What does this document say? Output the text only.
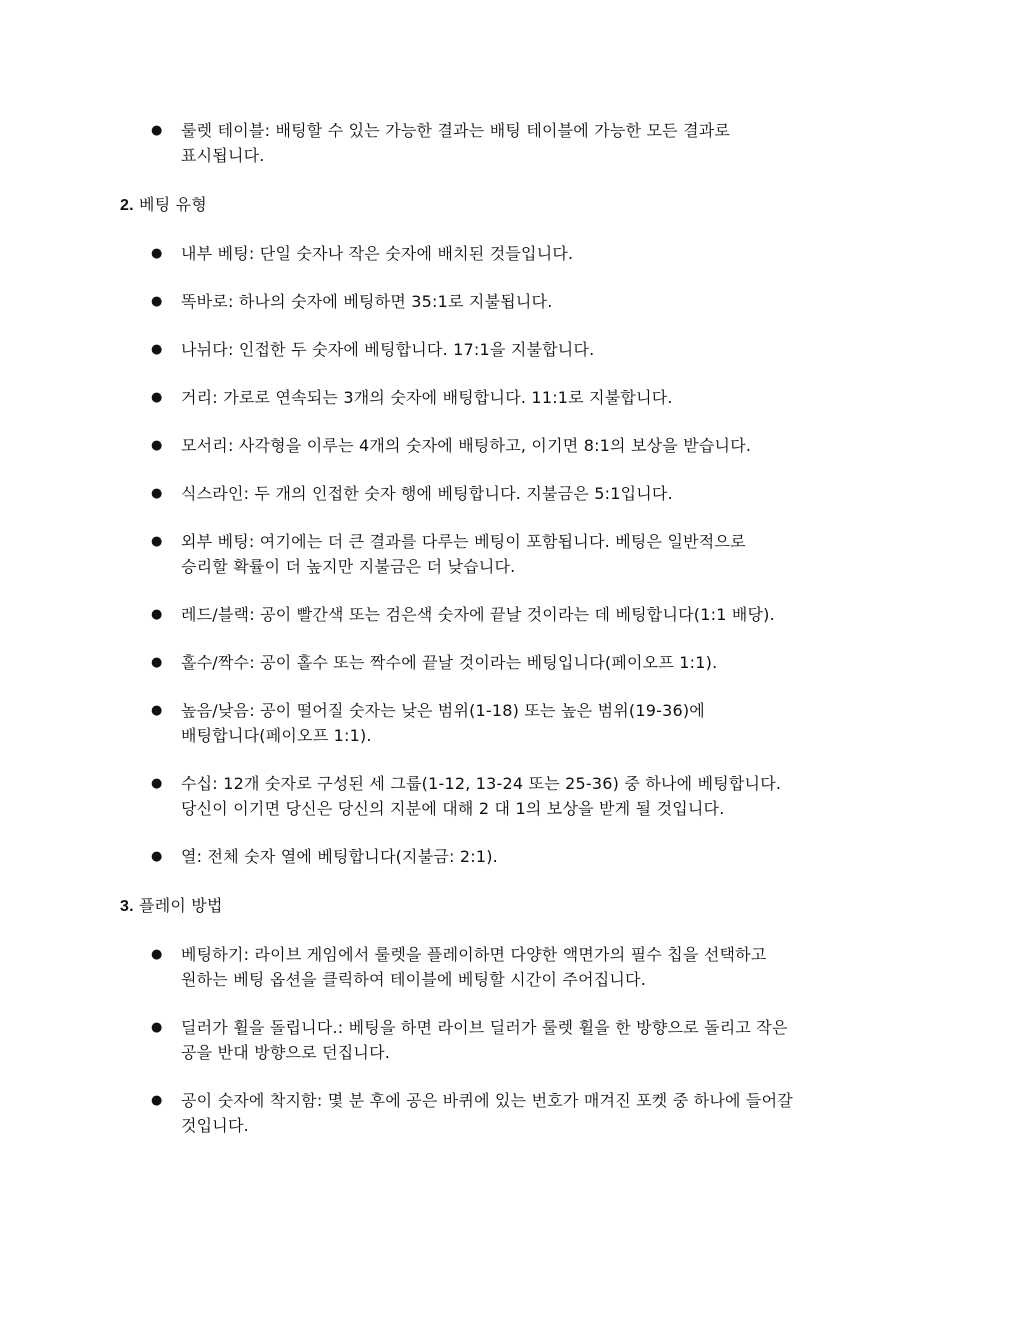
● 룰렛 테이블: 배팅할 수 있는 가능한 결과는 배팅 테이블에 가능한 모든 결과로
표시됩니다.
2. 베팅 유형
● 내부 베팅: 단일 숫자나 작은 숫자에 배치된 것들입니다.
● 똑바로: 하나의 숫자에 베팅하면 35:1로 지불됩니다.
● 나뉘다: 인접한 두 숫자에 베팅합니다. 17:1을 지불합니다.
● 거리: 가로로 연속되는 3개의 숫자에 배팅합니다. 11:1로 지불합니다.
● 모서리: 사각형을 이루는 4개의 숫자에 배팅하고, 이기면 8:1의 보상을 받습니다.
● 식스라인: 두 개의 인접한 숫자 행에 베팅합니다. 지불금은 5:1입니다.
● 외부 베팅: 여기에는 더 큰 결과를 다루는 베팅이 포함됩니다. 베팅은 일반적으로
승리할 확률이 더 높지만 지불금은 더 낮습니다.
● 레드/블랙: 공이 빨간색 또는 검은색 숫자에 끝날 것이라는 데 베팅합니다(1:1 배당).
● 홀수/짝수: 공이 홀수 또는 짝수에 끝날 것이라는 베팅입니다(페이오프 1:1).
● 높음/낮음: 공이 떨어질 숫자는 낮은 범위(1-18) 또는 높은 범위(19-36)에
배팅합니다(페이오프 1:1).
● 수십: 12개 숫자로 구성된 세 그룹(1-12, 13-24 또는 25-36) 중 하나에 베팅합니다.
당신이 이기면 당신은 당신의 지분에 대해 2 대 1의 보상을 받게 될 것입니다.
● 열: 전체 숫자 열에 베팅합니다(지불금: 2:1).
3. 플레이 방법
● 베팅하기: 라이브 게임에서 룰렛을 플레이하면 다양한 액면가의 필수 칩을 선택하고
원하는 베팅 옵션을 클릭하여 테이블에 베팅할 시간이 주어집니다.
● 딜러가 휠을 돌립니다.: 베팅을 하면 라이브 딜러가 룰렛 휠을 한 방향으로 돌리고 작은
공을 반대 방향으로 던집니다.
● 공이 숫자에 착지함: 몇 분 후에 공은 바퀴에 있는 번호가 매겨진 포켓 중 하나에 들어갈
것입니다.
